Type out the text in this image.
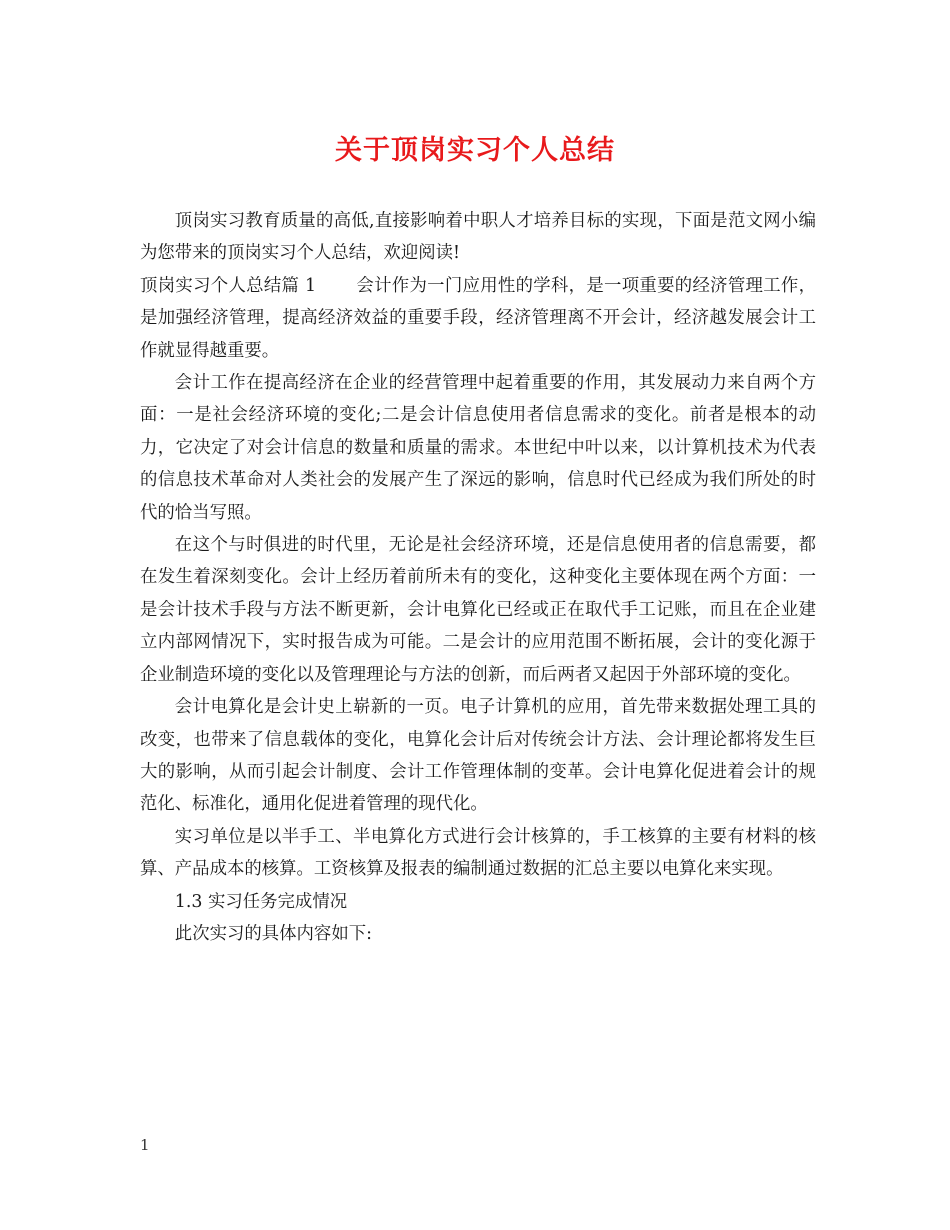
关于顶岗实习个人总结

顶岗实习教育质量的高低,直接影响着中职人才培养目标的实现，下面是范文网小编为您带来的顶岗实习个人总结，欢迎阅读!

顶岗实习个人总结篇 1 会计作为一门应用性的学科，是一项重要的经济管理工作，是加强经济管理，提高经济效益的重要手段，经济管理离不开会计，经济越发展会计工作就显得越重要。

会计工作在提高经济在企业的经营管理中起着重要的作用，其发展动力来自两个方面：一是社会经济环境的变化;二是会计信息使用者信息需求的变化。前者是根本的动力，它决定了对会计信息的数量和质量的需求。本世纪中叶以来，以计算机技术为代表的信息技术革命对人类社会的发展产生了深远的影响，信息时代已经成为我们所处的时代的恰当写照。

在这个与时俱进的时代里，无论是社会经济环境，还是信息使用者的信息需要，都在发生着深刻变化。会计上经历着前所未有的变化，这种变化主要体现在两个方面：一是会计技术手段与方法不断更新，会计电算化已经或正在取代手工记账，而且在企业建立内部网情况下，实时报告成为可能。二是会计的应用范围不断拓展，会计的变化源于企业制造环境的变化以及管理理论与方法的创新，而后两者又起因于外部环境的变化。

会计电算化是会计史上崭新的一页。电子计算机的应用，首先带来数据处理工具的改变，也带来了信息载体的变化，电算化会计后对传统会计方法、会计理论都将发生巨大的影响，从而引起会计制度、会计工作管理体制的变革。会计电算化促进着会计的规范化、标准化，通用化促进着管理的现代化。

实习单位是以半手工、半电算化方式进行会计核算的，手工核算的主要有材料的核算、产品成本的核算。工资核算及报表的编制通过数据的汇总主要以电算化来实现。

1.3 实习任务完成情况

此次实习的具体内容如下:

1
